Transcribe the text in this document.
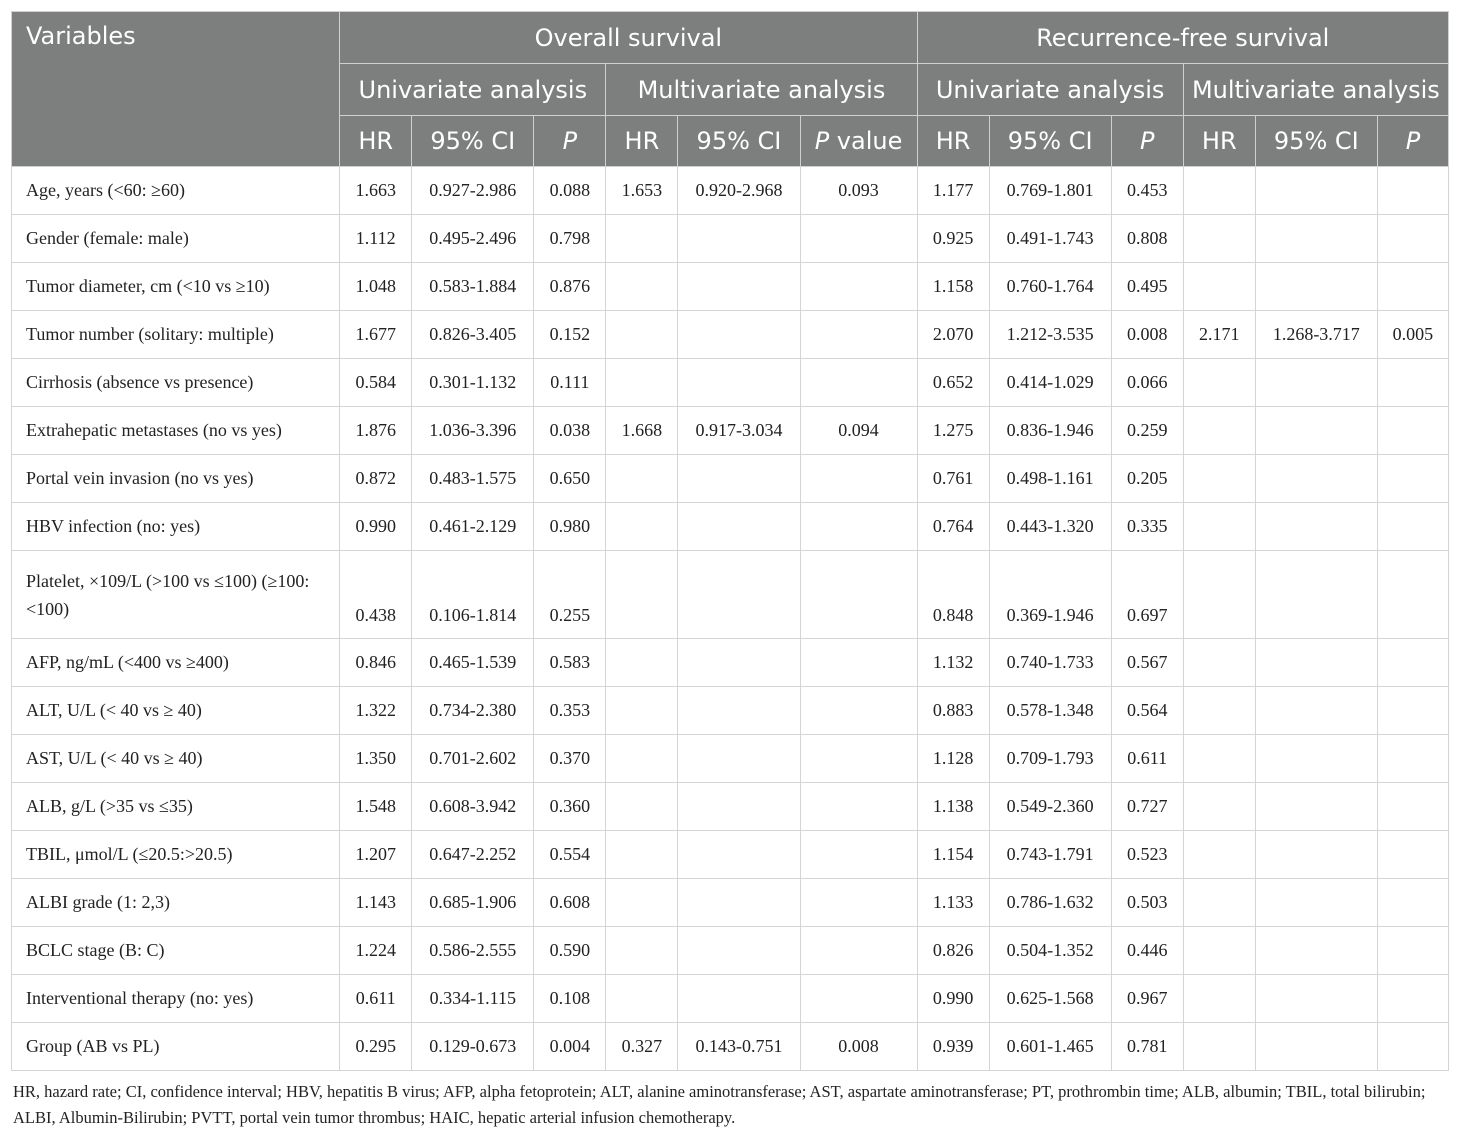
Variables	Overall survival						Recurrence-free survival					
	Univariate analysis			Multivariate analysis			Univariate analysis			Multivariate analysis		
	HR	95% CI	P	HR	95% CI	P value	HR	95% CI	P	HR	95% CI	P
Age, years (<60: ≥60)	1.663	0.927-2.986	0.088	1.653	0.920-2.968	0.093	1.177	0.769-1.801	0.453			
Gender (female: male)	1.112	0.495-2.496	0.798				0.925	0.491-1.743	0.808			
Tumor diameter, cm (<10 vs ≥10)	1.048	0.583-1.884	0.876				1.158	0.760-1.764	0.495			
Tumor number (solitary: multiple)	1.677	0.826-3.405	0.152				2.070	1.212-3.535	0.008	2.171	1.268-3.717	0.005
Cirrhosis (absence vs presence)	0.584	0.301-1.132	0.111				0.652	0.414-1.029	0.066			
Extrahepatic metastases (no vs yes)	1.876	1.036-3.396	0.038	1.668	0.917-3.034	0.094	1.275	0.836-1.946	0.259			
Portal vein invasion (no vs yes)	0.872	0.483-1.575	0.650				0.761	0.498-1.161	0.205			
HBV infection (no: yes)	0.990	0.461-2.129	0.980				0.764	0.443-1.320	0.335			
Platelet, ×109/L (>100 vs ≤100) (≥100:<100)	0.438	0.106-1.814	0.255				0.848	0.369-1.946	0.697			
AFP, ng/mL (<400 vs ≥400)	0.846	0.465-1.539	0.583				1.132	0.740-1.733	0.567			
ALT, U/L (< 40 vs ≥ 40)	1.322	0.734-2.380	0.353				0.883	0.578-1.348	0.564			
AST, U/L (< 40 vs ≥ 40)	1.350	0.701-2.602	0.370				1.128	0.709-1.793	0.611			
ALB, g/L (>35 vs ≤35)	1.548	0.608-3.942	0.360				1.138	0.549-2.360	0.727			
TBIL, μmol/L (≤20.5:>20.5)	1.207	0.647-2.252	0.554				1.154	0.743-1.791	0.523			
ALBI grade (1: 2,3)	1.143	0.685-1.906	0.608				1.133	0.786-1.632	0.503			
BCLC stage (B: C)	1.224	0.586-2.555	0.590				0.826	0.504-1.352	0.446			
Interventional therapy (no: yes)	0.611	0.334-1.115	0.108				0.990	0.625-1.568	0.967			
Group (AB vs PL)	0.295	0.129-0.673	0.004	0.327	0.143-0.751	0.008	0.939	0.601-1.465	0.781			
HR, hazard rate; CI, confidence interval; HBV, hepatitis B virus; AFP, alpha fetoprotein; ALT, alanine aminotransferase; AST, aspartate aminotransferase; PT, prothrombin time; ALB, albumin; TBIL, total bilirubin; ALBI, Albumin-Bilirubin; PVTT, portal vein tumor thrombus; HAIC, hepatic arterial infusion chemotherapy.
